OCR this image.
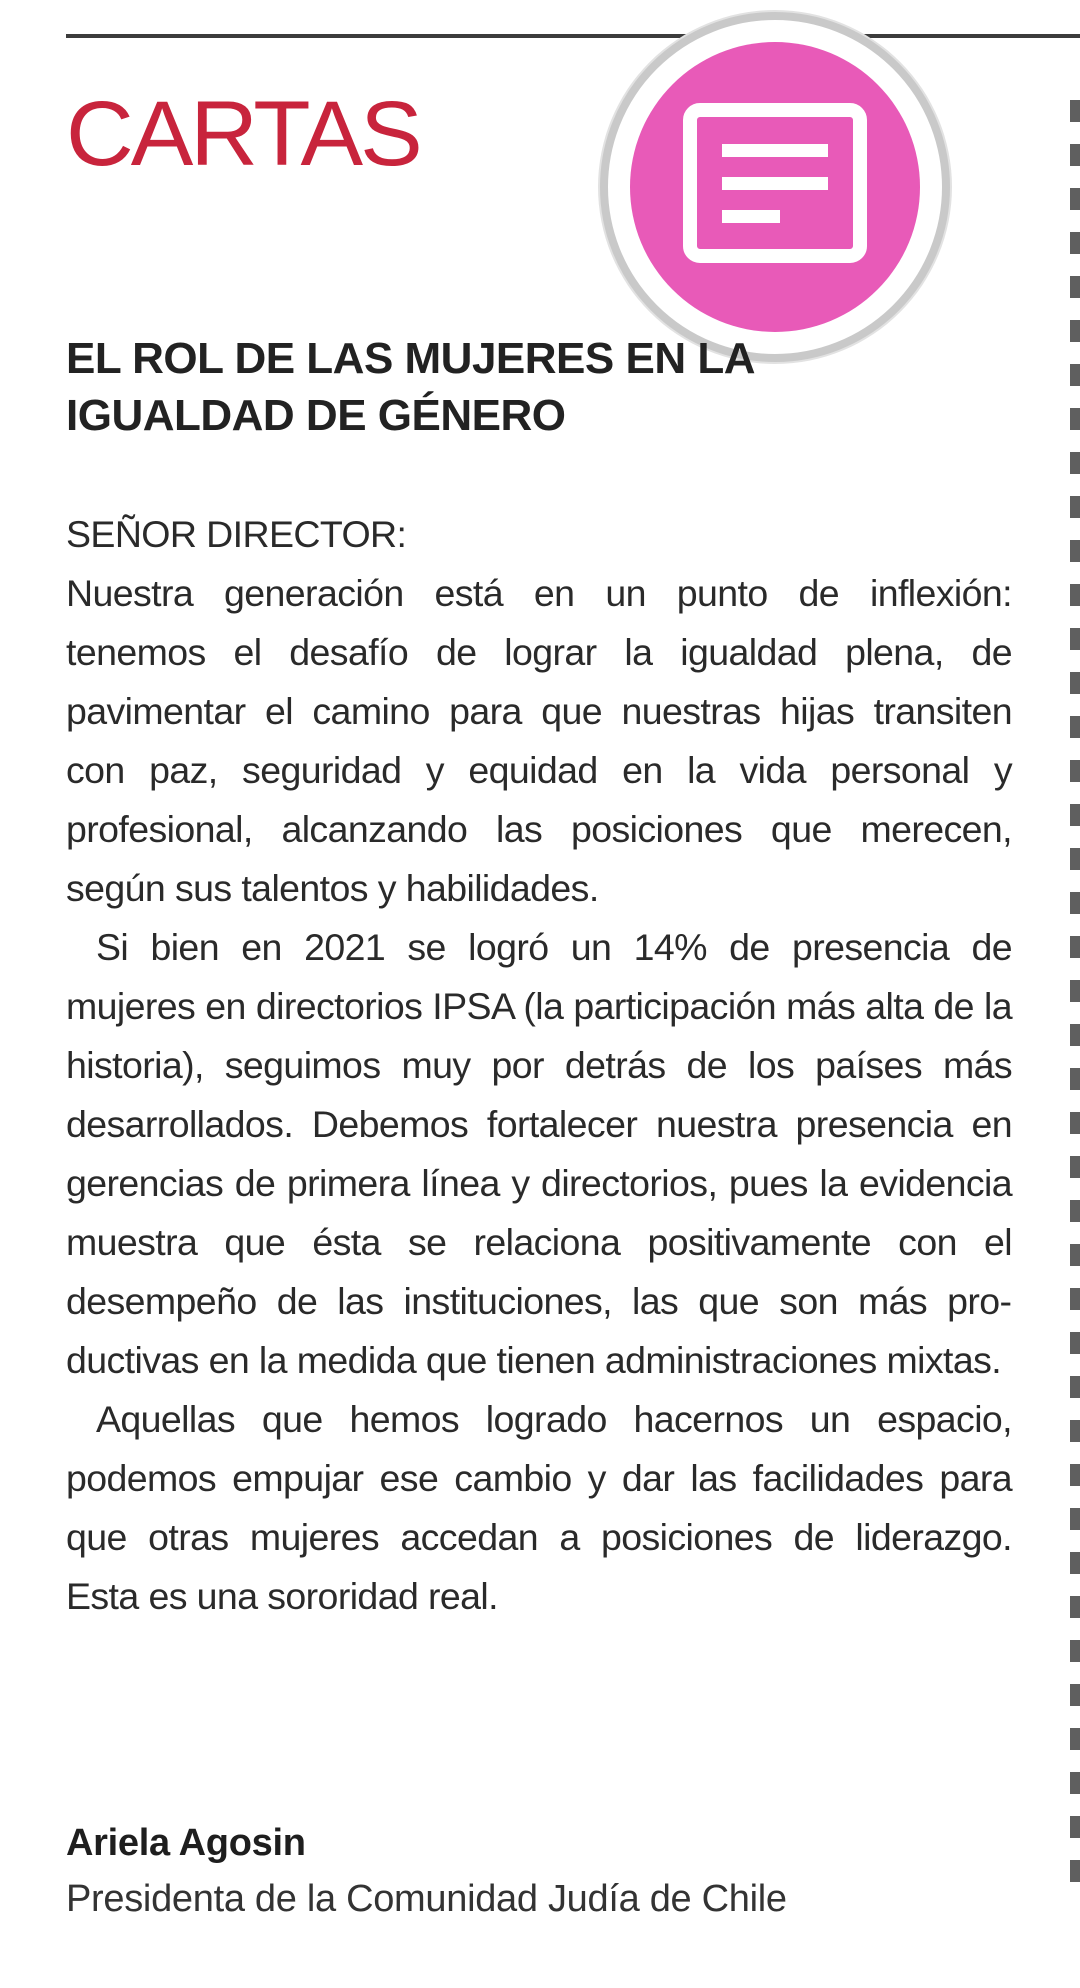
CARTAS
EL ROL DE LAS MUJERES EN LA IGUALDAD DE GÉNERO

SEÑOR DIRECTOR:

Nuestra generación está en un punto de inflexión: tenemos el desafío de lograr la igualdad plena, de pavimentar el camino para que nuestras hijas transiten con paz, seguridad y equidad en la vida personal y profesional, alcanzando las posiciones que merecen, según sus talentos y habilidades.

Si bien en 2021 se logró un 14% de presencia de mujeres en directorios IPSA (la participación más alta de la historia), seguimos muy por detrás de los países más desarrollados. Debemos fortalecer nuestra presencia en gerencias de primera línea y directorios, pues la evidencia muestra que ésta se relaciona positivamente con el desempeño de las instituciones, las que son más productivas en la medida que tienen administraciones mixtas.

Aquellas que hemos logrado hacernos un espacio, podemos empujar ese cambio y dar las facilidades para que otras mujeres accedan a posiciones de liderazgo. Esta es una sororidad real.

Ariela Agosin

Presidenta de la Comunidad Judía de Chile
